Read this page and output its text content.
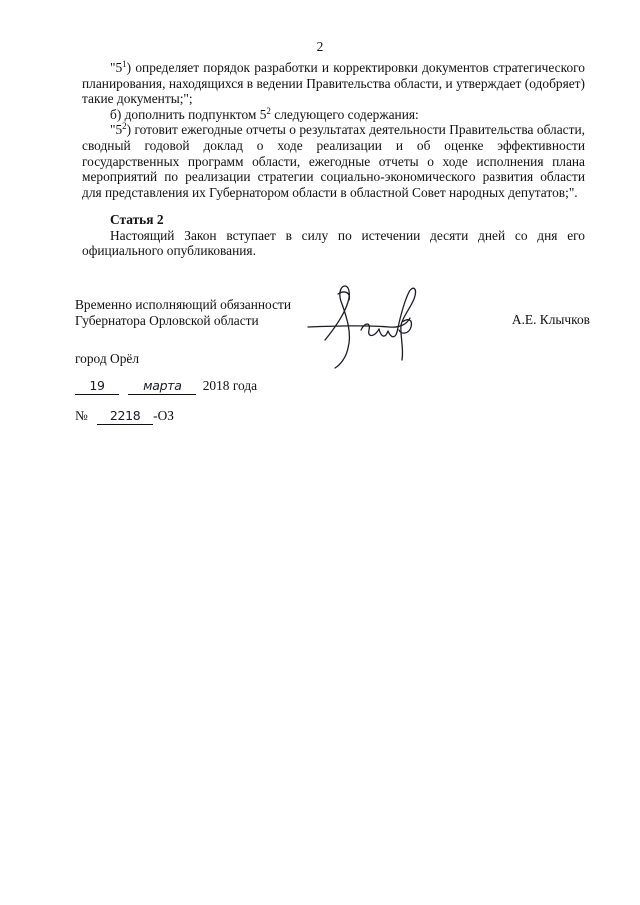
2

"$5^1$) определяет порядок разработки и корректировки документов стратегического планирования, находящихся в ведении Правительства области, и утверждает (одобряет) такие документы;";

б) дополнить подпунктом $5^2$ следующего содержания:

"$5^2$) готовит ежегодные отчеты о результатах деятельности Правительства области, сводный годовой доклад о ходе реализации и об оценке эффективности государственных программ области, ежегодные отчеты о ходе исполнения плана мероприятий по реализации стратегии социально-экономического развития области для представления их Губернатором области в областной Совет народных депутатов;".

Статья 2

Настоящий Закон вступает в силу по истечении десяти дней со дня его официального опубликования.

Временно исполняющий обязанности
Губернатора Орловской области	А.Е. Клычков
город Орёл
19	марта 2018 года
№ 2218 -ОЗ
